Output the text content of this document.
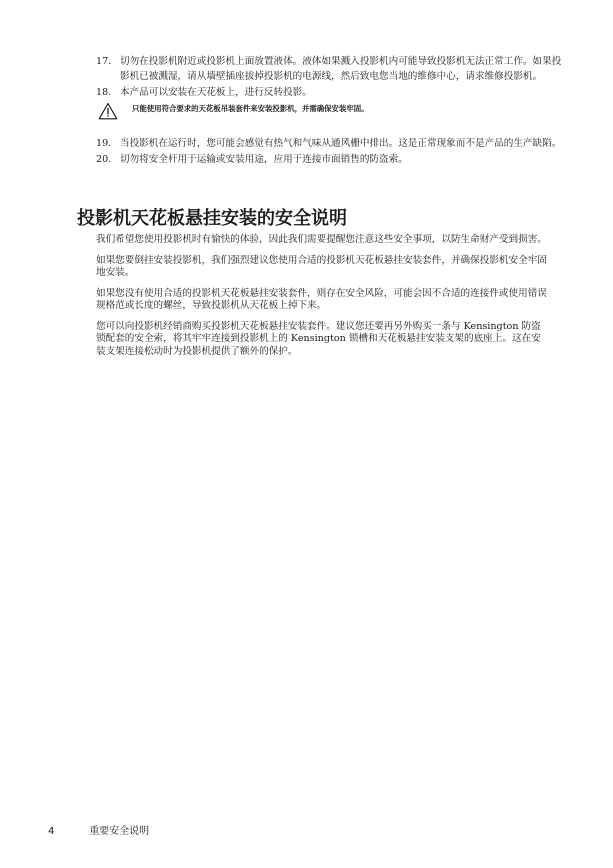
17. 切勿在投影机附近或投影机上面放置液体。液体如果溅入投影机内可能导致投影机无法正常工作。如果投影机已被溅湿，请从墙壁插座拔掉投影机的电源线，然后致电您当地的维修中心，请求维修投影机。
18. 本产品可以安装在天花板上，进行反转投影。
只能使用符合要求的天花板吊装套件来安装投影机，并需确保安装牢固。
19. 当投影机在运行时，您可能会感觉有热气和气味从通风栅中排出。这是正常现象而不是产品的生产缺陷。
20. 切勿将安全杆用于运输或安装用途，应用于连接市面销售的防盗索。
投影机天花板悬挂安装的安全说明

我们希望您使用投影机时有愉快的体验，因此我们需要提醒您注意这些安全事项，以防生命财产受到损害。

如果您要倒挂安装投影机，我们强烈建议您使用合适的投影机天花板悬挂安装套件，并确保投影机安全牢固地安装。

如果您没有使用合适的投影机天花板悬挂安装套件，则存在安全风险，可能会因不合适的连接件或使用错误规格范或长度的螺丝，导致投影机从天花板上掉下来。

您可以向投影机经销商购买投影机天花板悬挂安装套件。建议您还要再另外购买一条与 Kensington 防盗锁配套的安全索，将其牢牢连接到投影机上的 Kensington 锁槽和天花板悬挂安装支架的底座上。这在安装支架连接松动时为投影机提供了额外的保护。

4	重要安全说明
